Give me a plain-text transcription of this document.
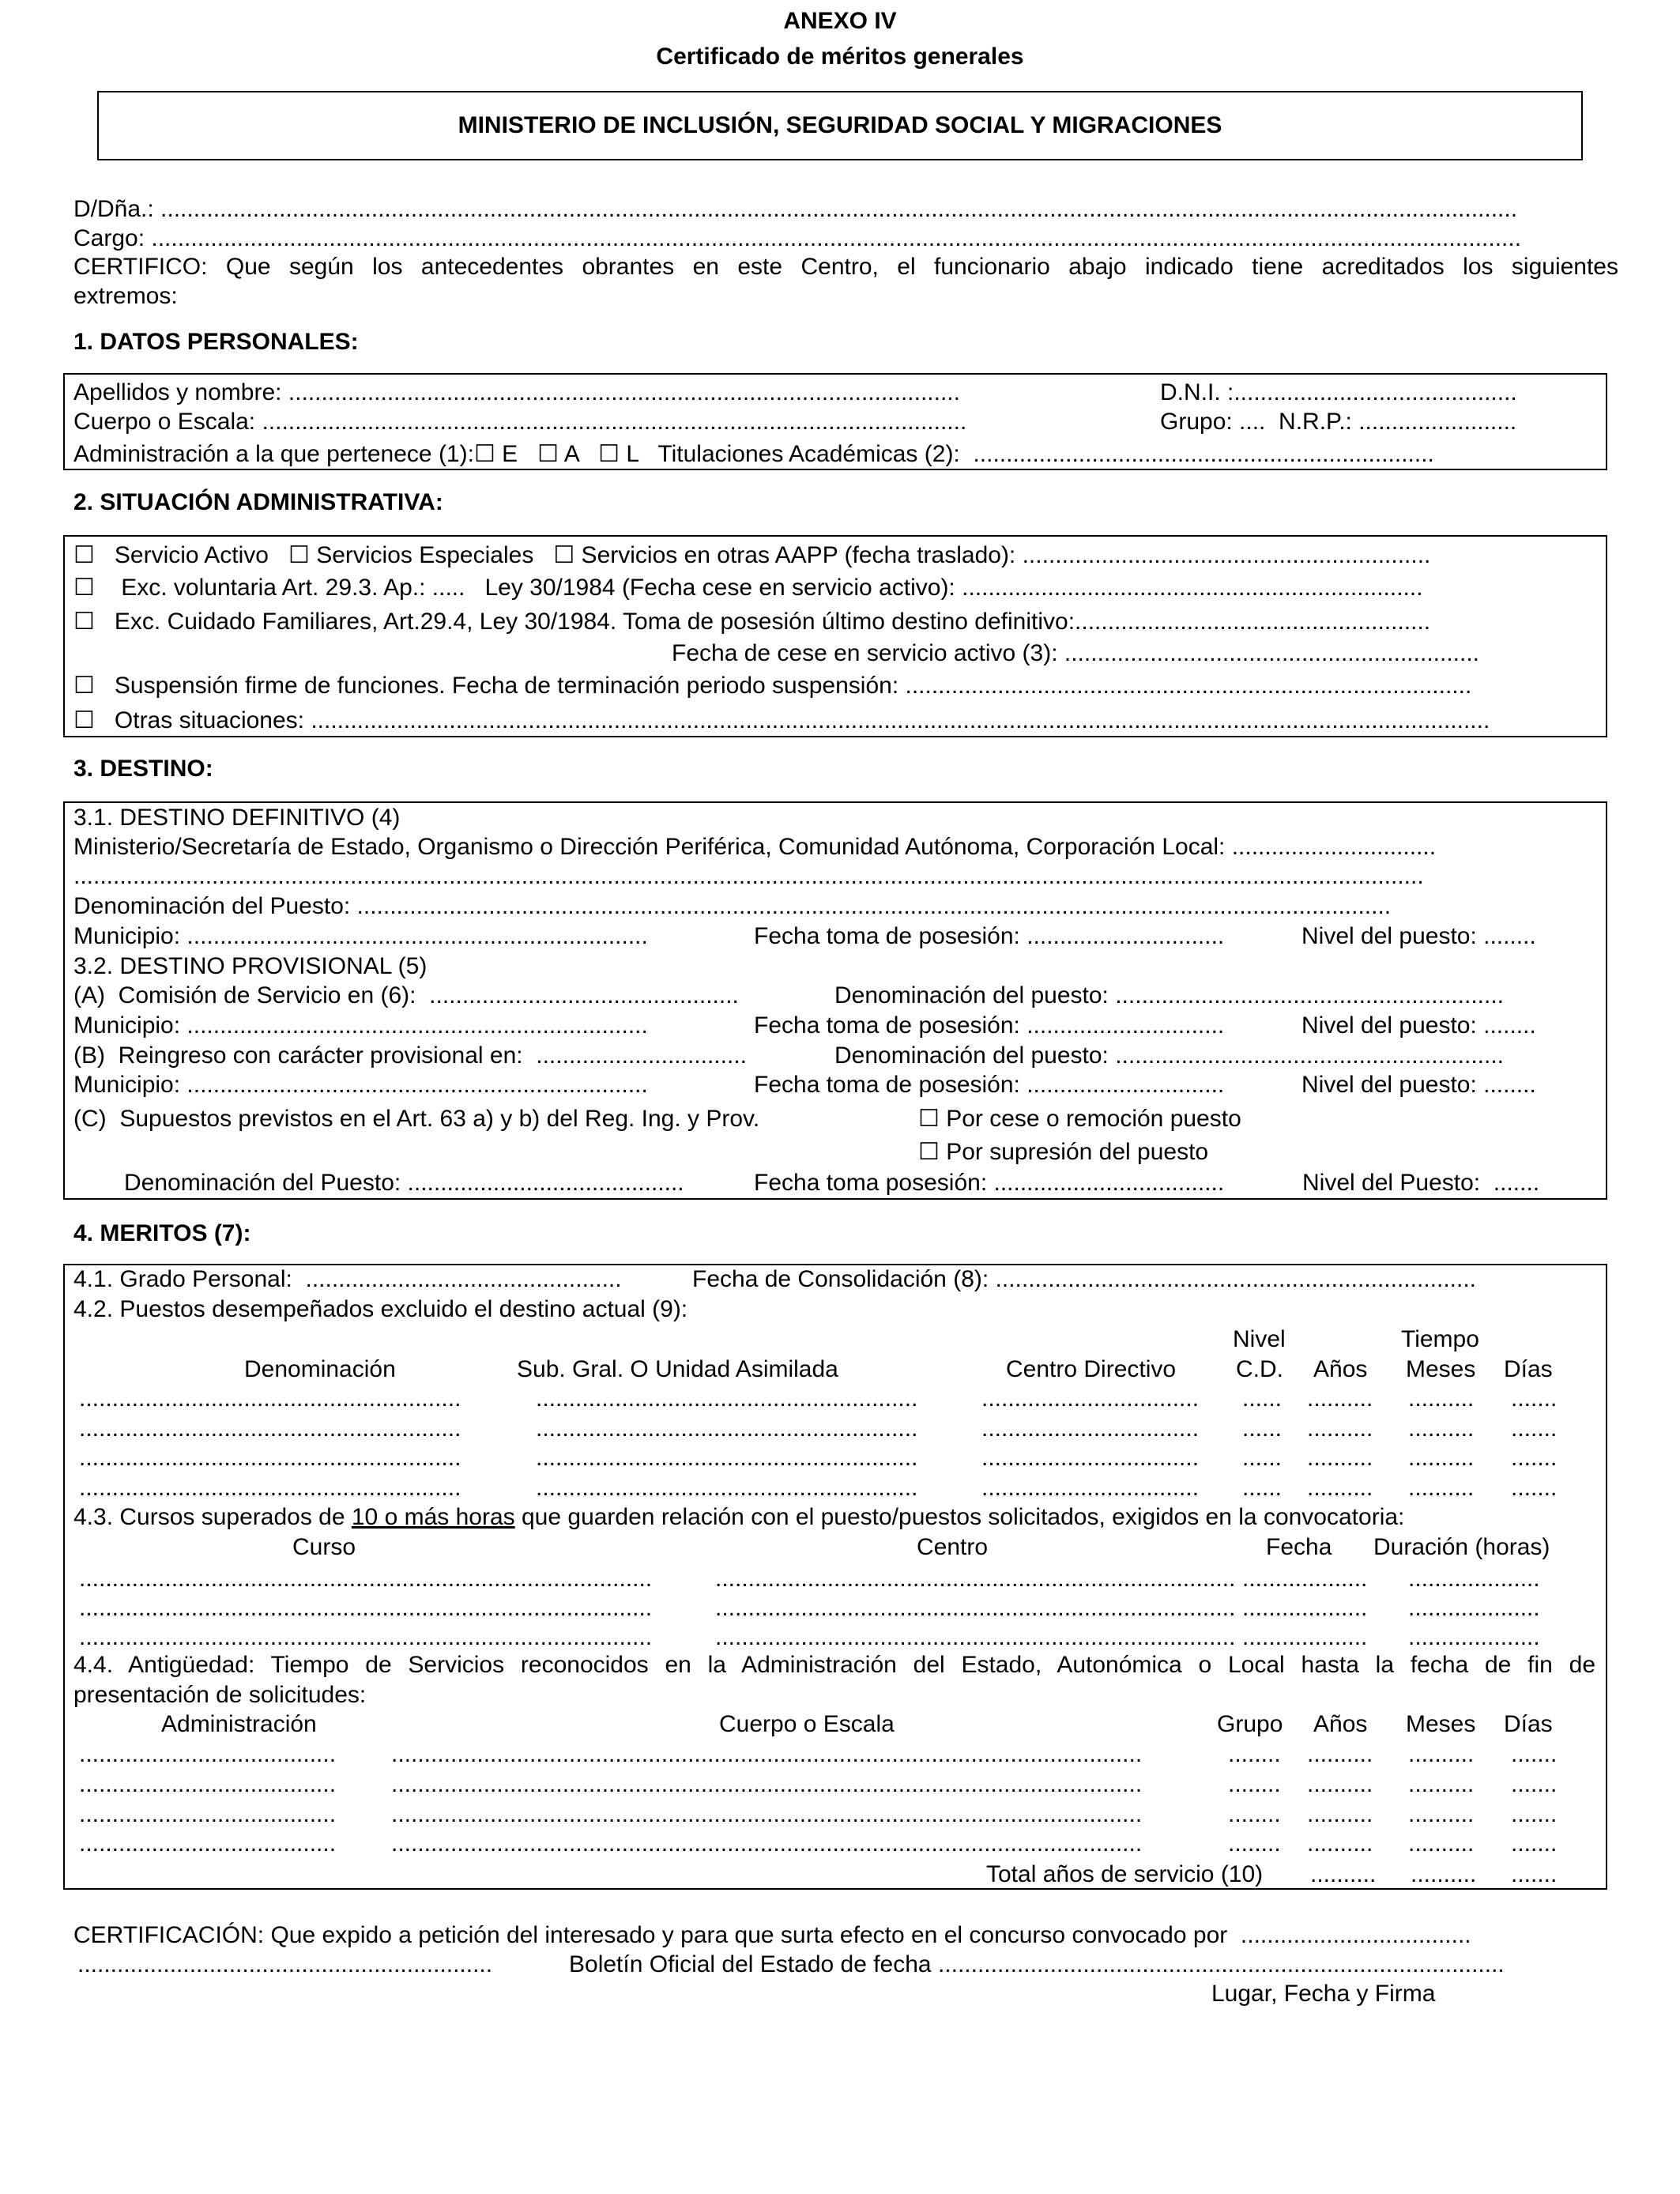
ANEXO IV
Certificado de méritos generales
MINISTERIO DE INCLUSIÓN, SEGURIDAD SOCIAL Y MIGRACIONES
D/Dña.: ..............................................................................................................................................................................................................
Cargo: ................................................................................................................................................................................................................
CERTIFICO: Que según los antecedentes obrantes en este Centro, el funcionario abajo indicado tiene acreditados los siguientes
extremos:
1. DATOS PERSONALES:
Apellidos y nombre: ......................................................................................................	D.N.I. :...........................................
Cuerpo o Escala: ...........................................................................................................	Grupo: ....  N.R.P.: ........................
Administración a la que pertenece (1):☐ E   ☐ A   ☐ L   Titulaciones Académicas (2):  ......................................................................
2. SITUACIÓN ADMINISTRATIVA:
☐   Servicio Activo   ☐ Servicios Especiales   ☐ Servicios en otras AAPP (fecha traslado): ..............................................................
☐    Exc. voluntaria Art. 29.3. Ap.: .....   Ley 30/1984 (Fecha cese en servicio activo): ......................................................................
☐   Exc. Cuidado Familiares, Art.29.4, Ley 30/1984. Toma de posesión último destino definitivo:......................................................
Fecha de cese en servicio activo (3): ...............................................................
☐   Suspensión firme de funciones. Fecha de terminación periodo suspensión: ......................................................................................
☐   Otras situaciones: ...................................................................................................................................................................................
3. DESTINO:
3.1. DESTINO DEFINITIVO (4)
Ministerio/Secretaría de Estado, Organismo o Dirección Periférica, Comunidad Autónoma, Corporación Local: ...............................
.............................................................................................................................................................................................................
Denominación del Puesto: .............................................................................................................................................................
Municipio: ......................................................................	Fecha toma de posesión: ..............................	Nivel del puesto: ........
3.2. DESTINO PROVISIONAL (5)
(A)  Comisión de Servicio en (6):  ...............................................	Denominación del puesto: ...........................................................
Municipio: ......................................................................	Fecha toma de posesión: ..............................	Nivel del puesto: ........
(B)  Reingreso con carácter provisional en:  ................................	Denominación del puesto: ...........................................................
Municipio: ......................................................................	Fecha toma de posesión: ..............................	Nivel del puesto: ........
(C)  Supuestos previstos en el Art. 63 a) y b) del Reg. Ing. y Prov.	☐ Por cese o remoción puesto
☐ Por supresión del puesto
Denominación del Puesto: ..........................................	Fecha toma posesión: ...................................	Nivel del Puesto:  .......
4. MERITOS (7):
4.1. Grado Personal:  ................................................	Fecha de Consolidación (8): .........................................................................
4.2. Puestos desempeñados excluido el destino actual (9):
Nivel	Tiempo
Denominación	Sub. Gral. O Unidad Asimilada	Centro Directivo	C.D. Años Meses Días
..........................................................	..........................................................	................................. ...... .......... .......... .......
..........................................................	..........................................................	................................. ...... .......... .......... .......
..........................................................	..........................................................	................................. ...... .......... .......... .......
..........................................................	..........................................................	................................. ...... .......... .......... .......
4.3. Cursos superados de 10 o más horas que guarden relación con el puesto/puestos solicitados, exigidos en la convocatoria:
Curso	Centro	Fecha Duración (horas)
.......................................................................................	............................................................................... ................... ....................
.......................................................................................	............................................................................... ................... ....................
.......................................................................................	............................................................................... ................... ....................
4.4. Antigüedad: Tiempo de Servicios reconocidos en la Administración del Estado, Autonómica o Local hasta la fecha de fin de
presentación de solicitudes:
Administración	Cuerpo o Escala	Grupo Años Meses Días
....................................... ..................................................................................................................	........ .......... .......... .......
....................................... ..................................................................................................................	........ .......... .......... .......
....................................... ..................................................................................................................	........ .......... .......... .......
....................................... ..................................................................................................................	........ .......... .......... .......
Total años de servicio (10) .......... .......... .......
CERTIFICACIÓN: Que expido a petición del interesado y para que surta efecto en el concurso convocado por  ...................................
...............................................................	Boletín Oficial del Estado de fecha ......................................................................................
Lugar, Fecha y Firma
